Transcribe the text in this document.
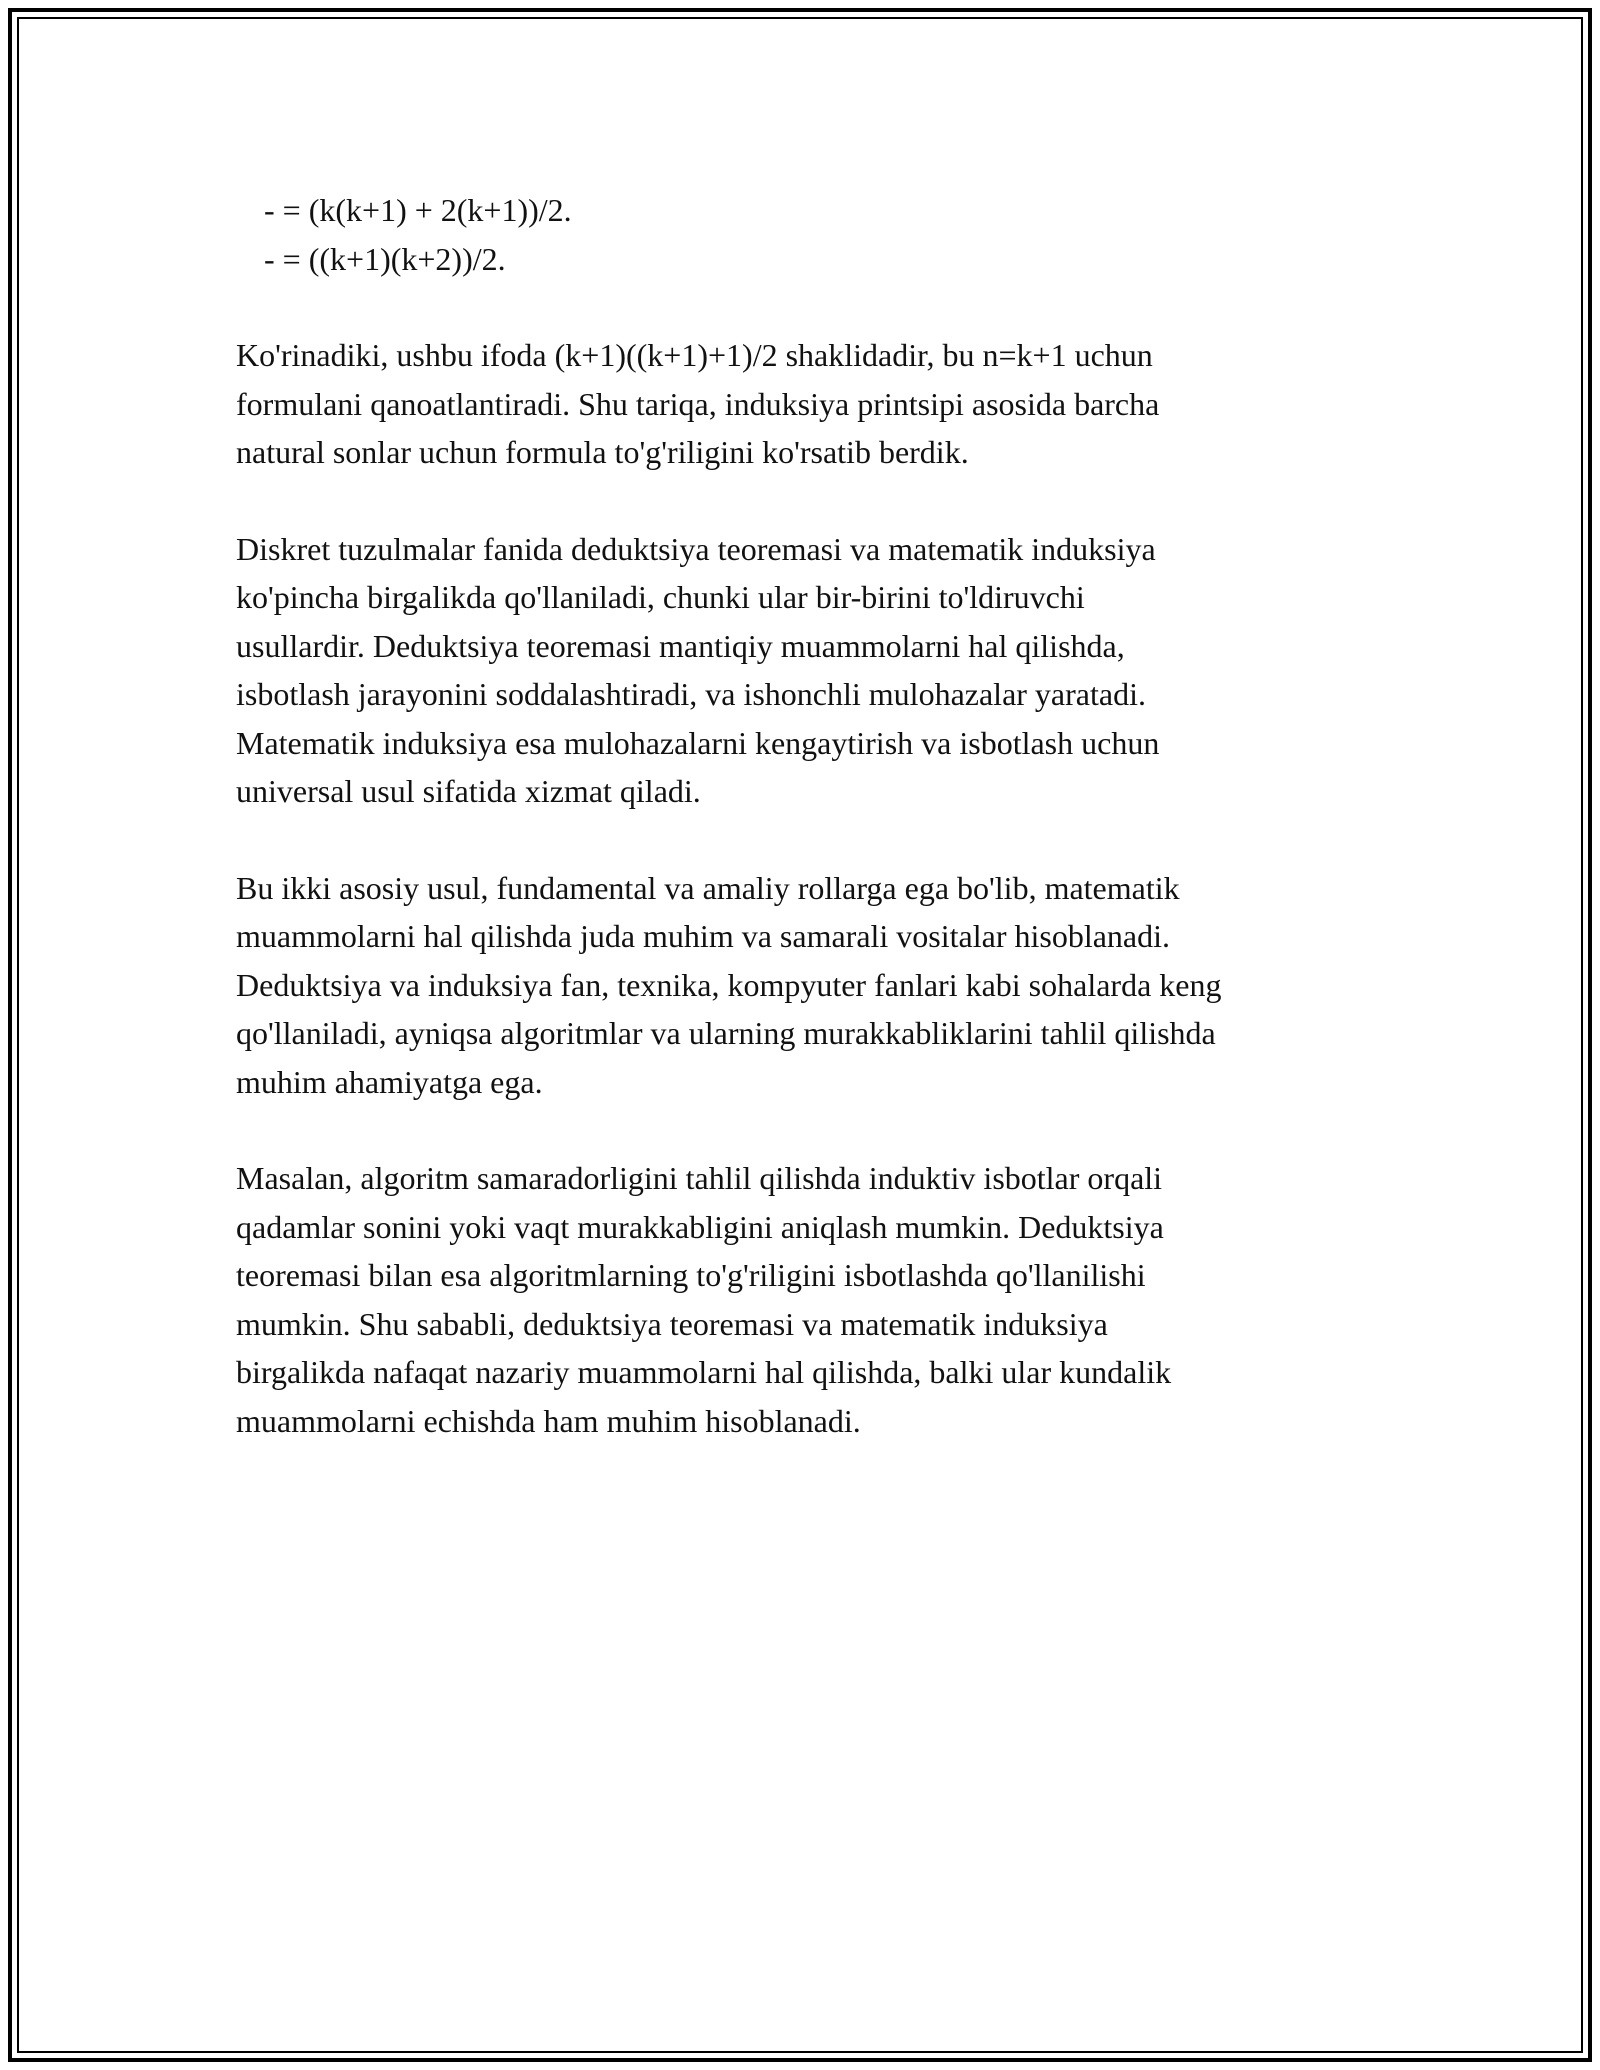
- = (k(k+1) + 2(k+1))/2.
- = ((k+1)(k+2))/2.

Ko'rinadiki, ushbu ifoda (k+1)((k+1)+1)/2 shaklidadir, bu n=k+1 uchun
formulani qanoatlantiradi. Shu tariqa, induksiya printsipi asosida barcha
natural sonlar uchun formula to'g'riligini ko'rsatib berdik.

Diskret tuzulmalar fanida deduktsiya teoremasi va matematik induksiya
ko'pincha birgalikda qo'llaniladi, chunki ular bir-birini to'ldiruvchi
usullardir. Deduktsiya teoremasi mantiqiy muammolarni hal qilishda,
isbotlash jarayonini soddalashtiradi, va ishonchli mulohazalar yaratadi.
Matematik induksiya esa mulohazalarni kengaytirish va isbotlash uchun
universal usul sifatida xizmat qiladi.

Bu ikki asosiy usul, fundamental va amaliy rollarga ega bo'lib, matematik
muammolarni hal qilishda juda muhim va samarali vositalar hisoblanadi.
Deduktsiya va induksiya fan, texnika, kompyuter fanlari kabi sohalarda keng
qo'llaniladi, ayniqsa algoritmlar va ularning murakkabliklarini tahlil qilishda
muhim ahamiyatga ega.

Masalan, algoritm samaradorligini tahlil qilishda induktiv isbotlar orqali
qadamlar sonini yoki vaqt murakkabligini aniqlash mumkin. Deduktsiya
teoremasi bilan esa algoritmlarning to'g'riligini isbotlashda qo'llanilishi
mumkin. Shu sababli, deduktsiya teoremasi va matematik induksiya
birgalikda nafaqat nazariy muammolarni hal qilishda, balki ular kundalik
muammolarni echishda ham muhim hisoblanadi.
